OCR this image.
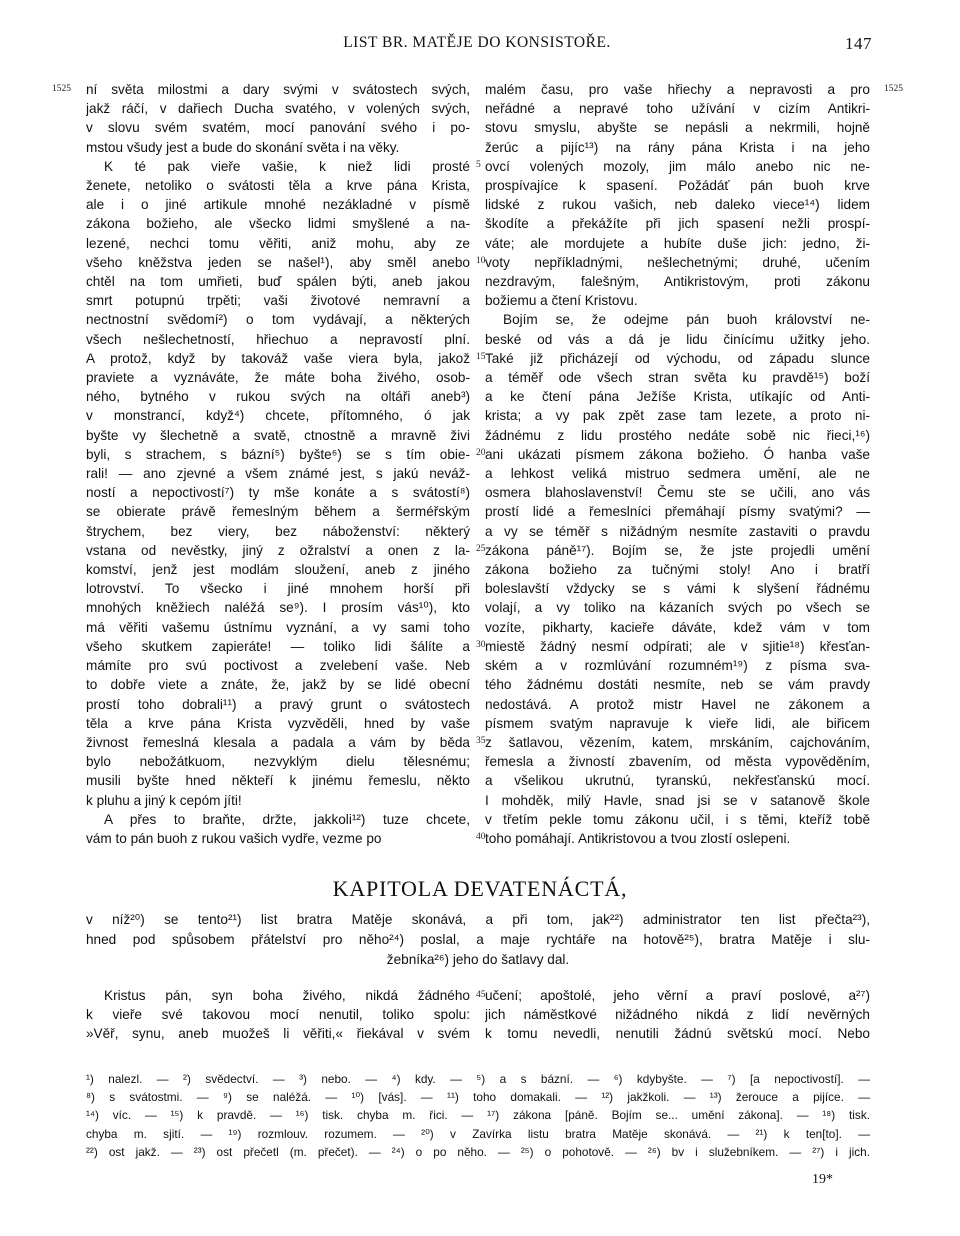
LIST BR. MATĚJE DO KONSISTOŘE.	147
1525	1525
5
10
15
20
25
30
35
40
45
ní světa milostmi a dary svými v svátostech svých,
jakž ráčí, v dařiech Ducha svatého, v volených svých,
v slovu svém svatém, mocí panování svého i po-
mstou všudy jest a bude do skonání světa i na věky.
K té pak vieře vašie, k niež lidi prosté
ženete, netoliko o svátosti těla a krve pána Krista,
ale i o jiné artikule mnohé nezákladné v písmě
zákona božieho, ale všecko lidmi smyšlené a na-
lezené, nechci tomu věřiti, aniž mohu, aby ze
všeho kněžstva jeden se našel¹), aby směl anebo
chtěl na tom umřieti, buď spálen býti, aneb jakou
smrt potupnú trpěti; vaši životové nemravní a
nectnostní svědomí²) o tom vydávají, a některých
všech nešlechetností, hřiechuo a nepravostí plní.
A protož, když by takováž vaše viera byla, jakož
praviete a vyznáváte, že máte boha živého, osob-
ného, bytného v rukou svých na oltáři aneb³)
v monstrancí, když⁴) chcete, přítomného, ó jak
byšte vy šlechetně a svatě, ctnostně a mravně živi
byli, s strachem, s bázní⁵) byšte⁶) se s tím obie-
rali! — ano zjevné a všem známé jest, s jakú neváž-
ností a nepoctivostí⁷) ty mše konáte a s svátostí⁸)
se obierate právě řemeslným během a šerméřským
štrychem, bez viery, bez náboženství: některý
vstana od nevěstky, jiný z ožralství a onen z la-
komství, jenž jest modlám sloužení, aneb z jiného
lotrovství. To všecko i jiné mnohem horší při
mnohých kněžiech naléžá se⁹). I prosím vás¹⁰), kto
má věřiti vašemu ústnímu vyznání, a vy sami toho
všeho skutkem zapieráte! — toliko lidi šálíte a
mámíte pro svú poctivost a zvelebení vaše. Neb
to dobře viete a znáte, že, jakž by se lidé obecní
prostí toho dobrali¹¹) a pravý grunt o svátostech
těla a krve pána Krista vyzvěděli, hned by vaše
živnost řemeslná klesala a padala a vám by běda
bylo nebožátkuom, nezvyklým dielu tělesnému;
musili byšte hned někteří k jinému řemeslu, někto
k pluhu a jiný k cepóm jíti!
A přes to braňte, držte, jakkoli¹²) tuze chcete,
vám to pán buoh z rukou vašich vydře, vezme po
malém času, pro vaše hřiechy a nepravosti a pro
neřádné a nepravé toho užívání v cizím Antikri-
stovu smyslu, abyšte se nepásli a nekrmili, hojně
žerúc a pijíc¹³) na rány pána Krista i na jeho
ovcí volených mozoly, jim málo anebo nic ne-
prospívajíce k spasení. Požádáť pán buoh krve
lidské z rukou vašich, neb daleko viece¹⁴) lidem
škodíte a překážíte při jich spasení nežli prospí-
váte; ale mordujete a hubíte duše jich: jedno, ži-
voty nepříkladnými, nešlechetnými; druhé, učením
nezdravým, falešným, Antikristovým, proti zákonu
božiemu a čtení Kristovu.
Bojím se, že odejme pán buoh království ne-
beské od vás a dá je lidu činícímu užitky jeho.
Také již přicházejí od východu, od západu slunce
a téměř ode všech stran světa ku pravdě¹⁵) boží
a ke čtení pána Ježíše Krista, utíkajíc od Anti-
krista; a vy pak zpět zase tam lezete, a proto ni-
žádnému z lidu prostého nedáte sobě nic řieci,¹⁶)
ani ukázati písmem zákona božieho. Ó hanba vaše
a lehkost veliká mistruo sedmera umění, ale ne
osmera blahoslavenství! Čemu ste se učili, ano vás
prostí lidé a řemeslníci přemáhají písmy svatými? —
a vy se téměř s nižádným nesmíte zastaviti o pravdu
zákona páně¹⁷). Bojím se, že jste projedli umění
zákona božieho za tučnými stoly! Ano i bratří
boleslavští vždycky se s vámi k slyšení řádnému
volají, a vy toliko na kázaních svých po všech se
vozíte, pikharty, kacieře dáváte, kdež vám v tom
miestě žádný nesmí odpírati; ale v sjitie¹⁸) křesťan-
ském a v rozmlúvání rozumném¹⁹) z písma sva-
tého žádnému dostáti nesmíte, neb se vám pravdy
nedostává. A protož mistr Havel ne zákonem a
písmem svatým napravuje k vieře lidi, ale biřicem
z šatlavou, vězením, katem, mrskáním, cajchováním,
řemesla a živností zbavením, od města vypověděním,
a všelikou ukrutnú, tyranskú, nekřesťanskú mocí.
I mohděk, milý Havle, snad jsi se v satanově škole
v třetím pekle tomu zákonu učil, i s těmi, kteříž tobě
toho pomáhají. Antikristovou a tvou zlostí oslepeni.
KAPITOLA DEVATENÁCTÁ,
v níž²⁰) se tento²¹) list bratra Matěje skonává, a při tom, jak²²) administrator ten list přečta²³),
hned pod spůsobem přátelství pro něho²⁴) poslal, a maje rychtáře na hotově²⁵), bratra Matěje i slu-
žebníka²⁶) jeho do šatlavy dal.
Kristus pán, syn boha živého, nikdá žádného
k vieře své takovou mocí nenutil, toliko spolu:
»Věř, synu, aneb muožeš li věřiti,« řiekával v svém
učení; apoštolé, jeho věrní a praví poslové, a²⁷)
jich náměstkové nižádného nikdá z lidí nevěrných
k tomu nevedli, nenutili žádnú světskú mocí. Nebo
¹) nalezl. — ²) svědectví. — ³) nebo. — ⁴) kdy. — ⁵) a s bázní. — ⁶) kdybyšte. — ⁷) [a nepoctivostí]. —
⁸) s svátostmi. — ⁹) se naléžá. — ¹⁰) [vás]. — ¹¹) toho domakali. — ¹²) jakžkoli. — ¹³) žerouce a pijíce. —
¹⁴) víc. — ¹⁵) k pravdě. — ¹⁶) tisk. chyba m. řici. — ¹⁷) zákona [páně. Bojím se... umění zákona]. — ¹⁸) tisk.
chyba m. sjití. — ¹⁹) rozmlouv. rozumem. — ²⁰) v Zavírka listu bratra Matěje skonává. — ²¹) k ten[to]. —
²²) ost jakž. — ²³) ost přečetl (m. přečet). — ²⁴) o po něho. — ²⁵) o pohotově. — ²⁶) bv i služebníkem. — ²⁷) i jich.
19*
